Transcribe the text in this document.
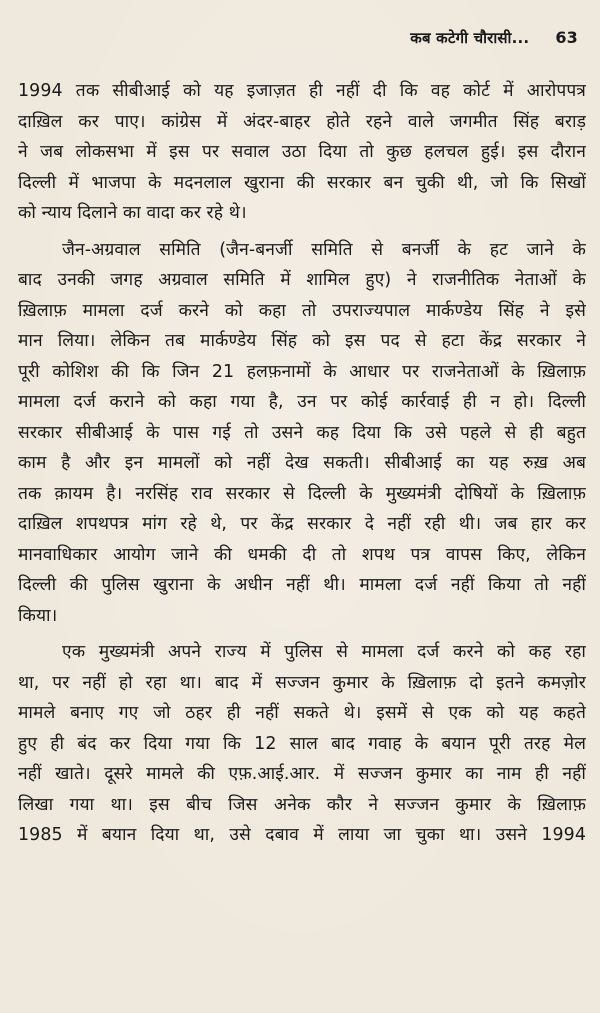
कब कटेगी चौरासी... 63
1994 तक सीबीआई को यह इजाज़त ही नहीं दी कि वह कोर्ट में आरोपपत्र
दाख़िल कर पाए। कांग्रेस में अंदर-बाहर होते रहने वाले जगमीत सिंह बराड़
ने जब लोकसभा में इस पर सवाल उठा दिया तो कुछ हलचल हुई। इस दौरान
दिल्ली में भाजपा के मदनलाल खुराना की सरकार बन चुकी थी, जो कि सिखों
को न्याय दिलाने का वादा कर रहे थे।
जैन-अग्रवाल समिति (जैन-बनर्जी समिति से बनर्जी के हट जाने के
बाद उनकी जगह अग्रवाल समिति में शामिल हुए) ने राजनीतिक नेताओं के
ख़िलाफ़ मामला दर्ज करने को कहा तो उपराज्यपाल मार्कण्डेय सिंह ने इसे
मान लिया। लेकिन तब मार्कण्डेय सिंह को इस पद से हटा केंद्र सरकार ने
पूरी कोशिश की कि जिन 21 हलफ़नामों के आधार पर राजनेताओं के ख़िलाफ़
मामला दर्ज कराने को कहा गया है, उन पर कोई कार्रवाई ही न हो। दिल्ली
सरकार सीबीआई के पास गई तो उसने कह दिया कि उसे पहले से ही बहुत
काम है और इन मामलों को नहीं देख सकती। सीबीआई का यह रुख़ अब
तक क़ायम है। नरसिंह राव सरकार से दिल्ली के मुख्यमंत्री दोषियों के ख़िलाफ़
दाख़िल शपथपत्र मांग रहे थे, पर केंद्र सरकार दे नहीं रही थी। जब हार कर
मानवाधिकार आयोग जाने की धमकी दी तो शपथ पत्र वापस किए, लेकिन
दिल्ली की पुलिस खुराना के अधीन नहीं थी। मामला दर्ज नहीं किया तो नहीं
किया।
एक मुख्यमंत्री अपने राज्य में पुलिस से मामला दर्ज करने को कह रहा
था, पर नहीं हो रहा था। बाद में सज्जन कुमार के ख़िलाफ़ दो इतने कमज़ोर
मामले बनाए गए जो ठहर ही नहीं सकते थे। इसमें से एक को यह कहते
हुए ही बंद कर दिया गया कि 12 साल बाद गवाह के बयान पूरी तरह मेल
नहीं खाते। दूसरे मामले की एफ़.आई.आर. में सज्जन कुमार का नाम ही नहीं
लिखा गया था। इस बीच जिस अनेक कौर ने सज्जन कुमार के ख़िलाफ़
1985 में बयान दिया था, उसे दबाव में लाया जा चुका था। उसने 1994
